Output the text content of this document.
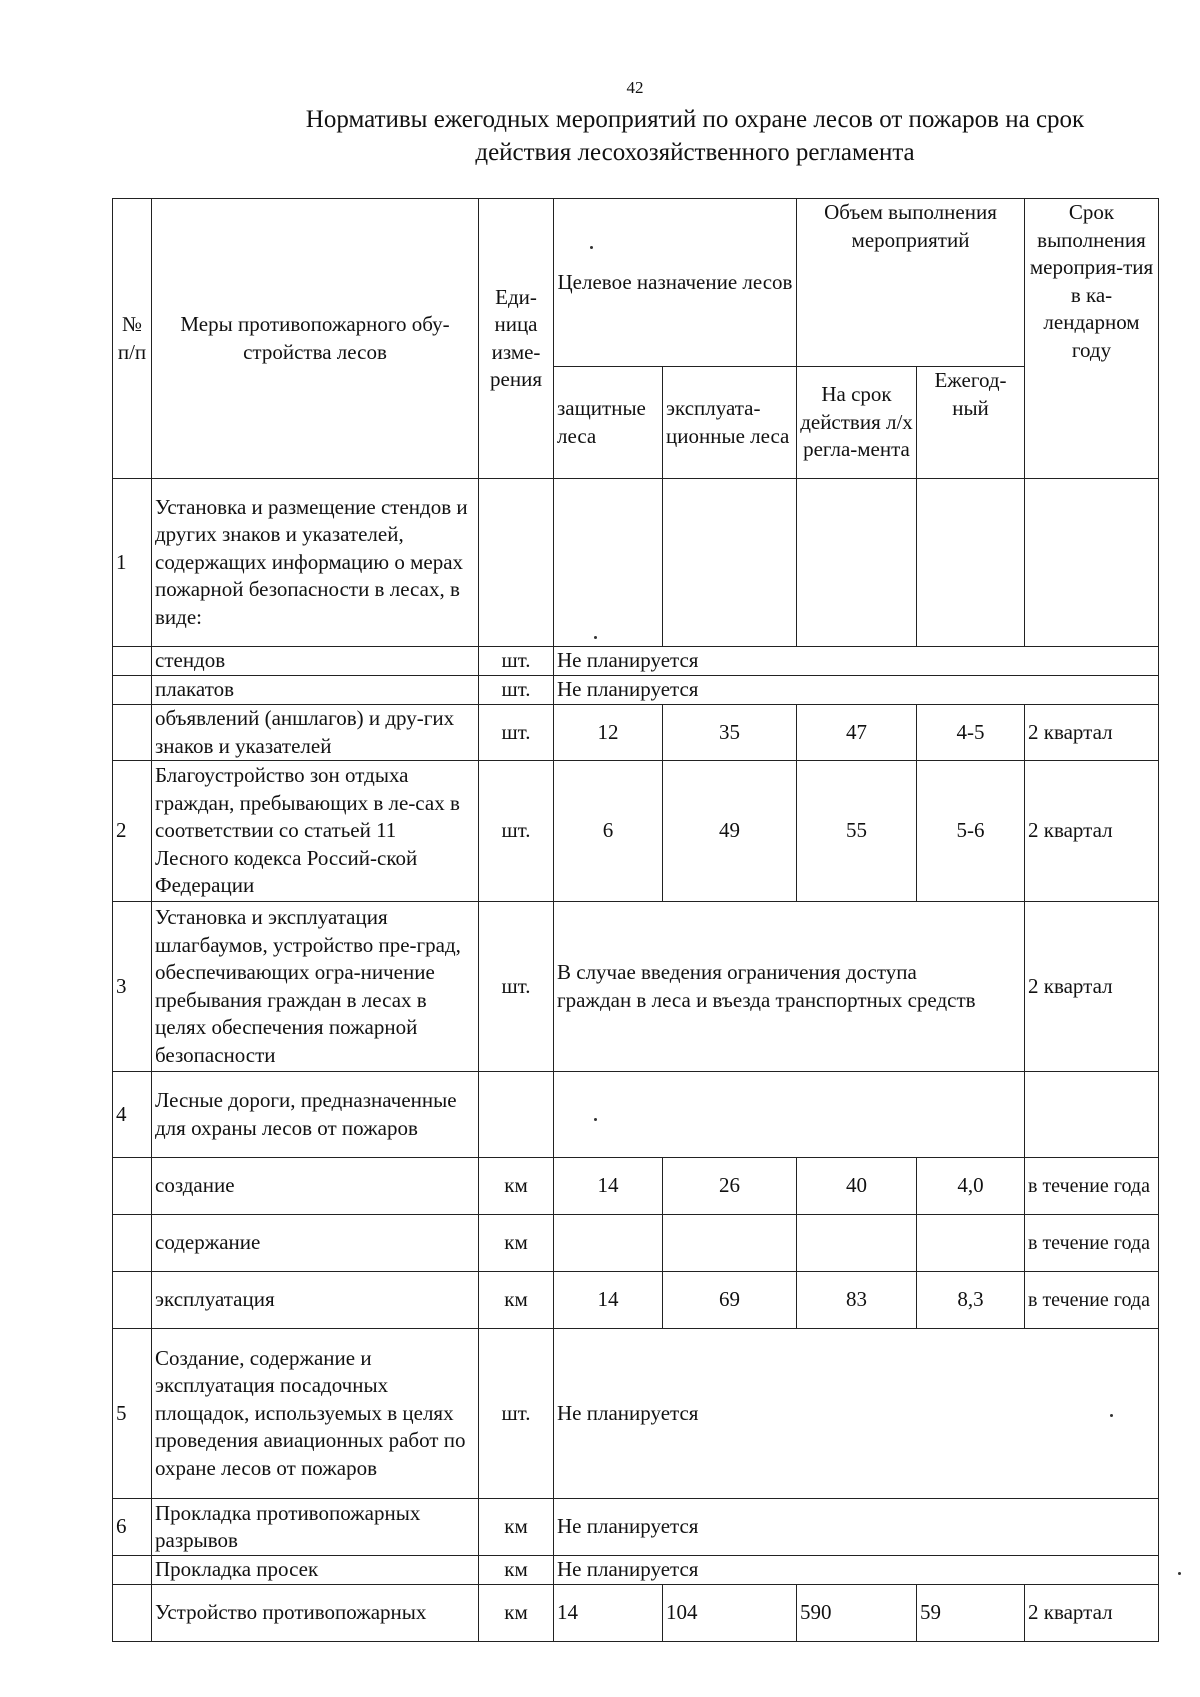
42
Нормативы ежегодных мероприятий по охране лесов от пожаров на срок
действия лесохозяйственного регламента
№ п/п	Меры противопожарного обу-стройства лесов	Еди-ница изме-рения	Целевое назначение лесов		Объем выполнения мероприятий		Срок выполнения мероприя-тия в ка-лендарном году
			защитные леса	эксплуата-ционные леса	На срок действия л/х регла-мента	Ежегод-ный	
1	Установка и размещение стендов и других знаков и указателей, содержащих информацию о мерах пожарной безопасности в лесах, в виде:						
	стендов	шт.	Не планируется				
	плакатов	шт.	Не планируется				
	объявлений (аншлагов) и дру-гих знаков и указателей	шт.	12	35	47	4-5	2 квартал
2	Благоустройство зон отдыха граждан, пребывающих в ле-сах в соответствии со статьей 11 Лесного кодекса Россий-ской Федерации	шт.	6	49	55	5-6	2 квартал
3	Установка и эксплуатация шлагбаумов, устройство пре-град, обеспечивающих огра-ничение пребывания граждан в лесах в целях обеспечения пожарной безопасности	шт.	В случае введения ограничения доступа граждан в леса и въезда транспортных средств				2 квартал
4	Лесные дороги, предназначенные для охраны лесов от пожаров						
	создание	км	14	26	40	4,0	в течение года
	содержание	км					в течение года
	эксплуатация	км	14	69	83	8,3	в течение года
5	Создание, содержание и эксплуатация посадочных площадок, используемых в целях проведения авиационных работ по охране лесов от пожаров	шт.	Не планируется				
6	Прокладка противопожарных разрывов	км	Не планируется				
	Прокладка просек	км	Не планируется				
	Устройство противопожарных	км	14	104	590	59	2 квартал
